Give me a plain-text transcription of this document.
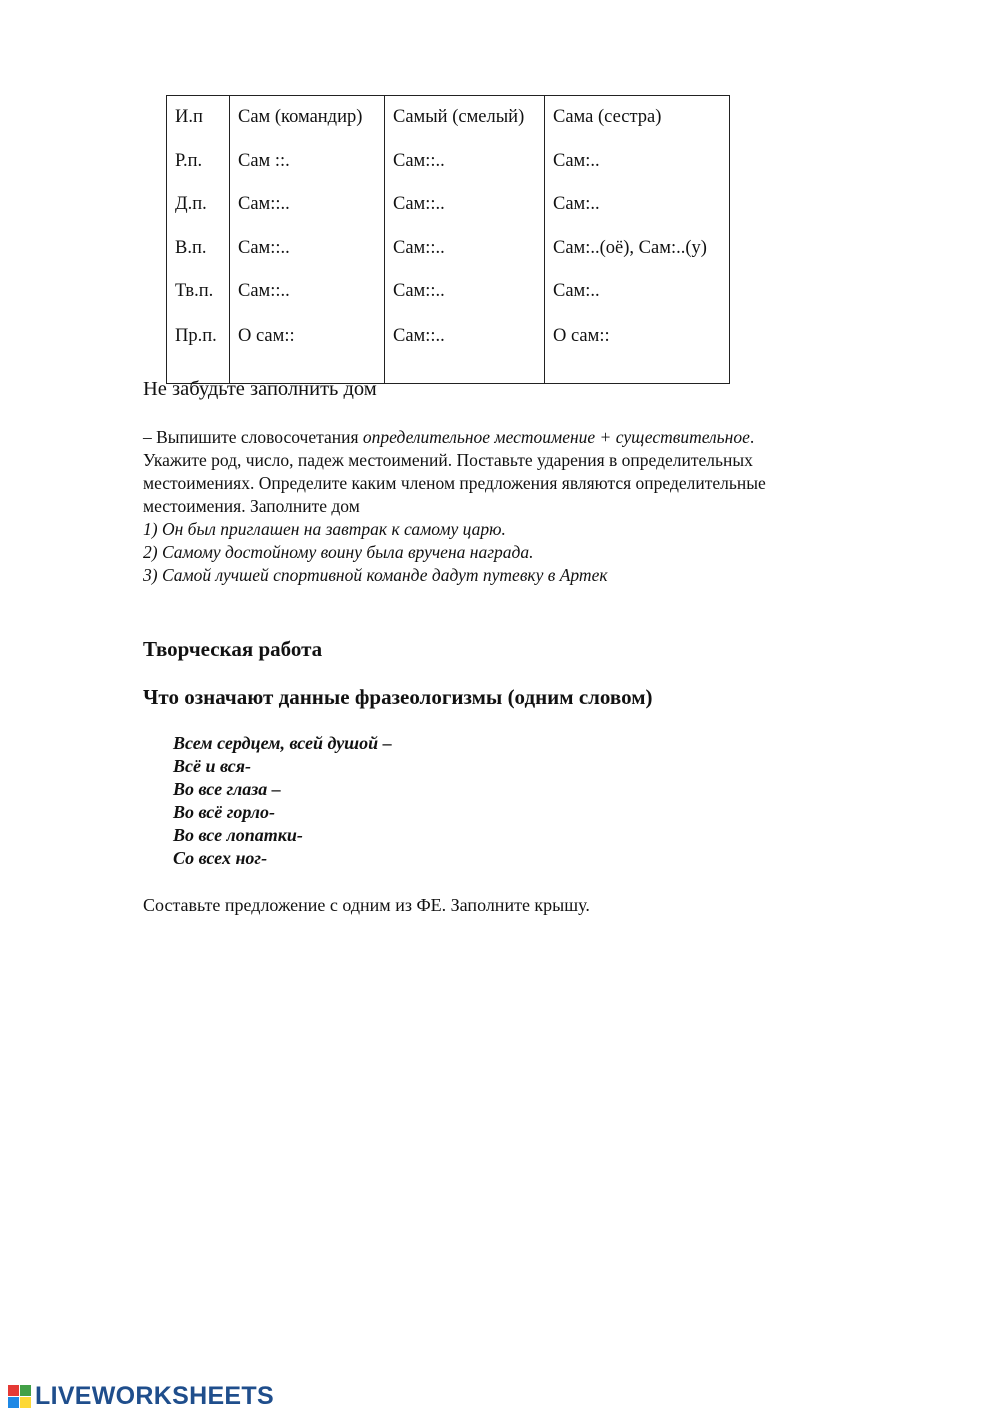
И.п	Сам (командир)	Самый (смелый)	Сама (сестра)
Р.п.	Сам ::.	Сам::..	Сам:..
Д.п.	Сам::..	Сам::..	Сам:..
В.п.	Сам::..	Сам::..	Сам:..(оё), Сам:..(у)
Тв.п.	Сам::..	Сам::..	Сам:..
Пр.п.	О сам::	Сам::..	О сам::
Не забудьте заполнить дом
– Выпишите словосочетания определительное местоимение + существительное.
Укажите род, число, падеж местоимений. Поставьте ударения в определительных
местоимениях. Определите каким членом предложения являются определительные
местоимения. Заполните дом
1) Он был приглашен на завтрак к самому царю.
2) Самому достойному воину была вручена награда.
3) Самой лучшей спортивной команде дадут путевку в Артек
Творческая работа
Что означают данные фразеологизмы (одним словом)
Всем сердцем, всей душой –
Всё и вся-
Во все глаза –
Во всё горло-
Во все лопатки-
Со всех ног-
Составьте предложение с одним из ФЕ. Заполните крышу.
LIVEWORKSHEETS
